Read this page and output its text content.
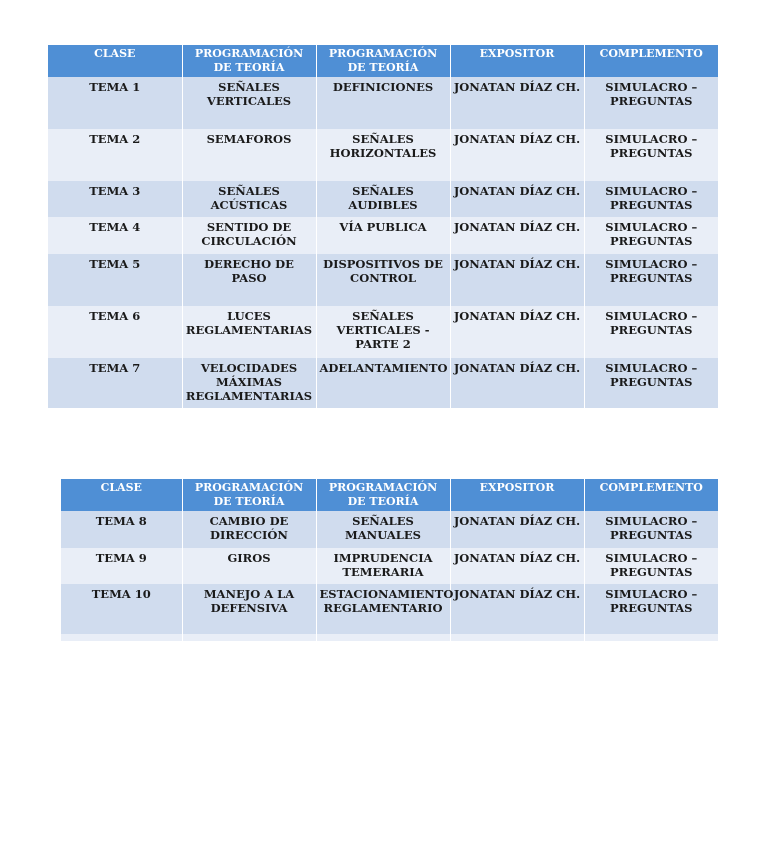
CLASE	PROGRAMACIÓN DE TEORÍA	PROGRAMACIÓN DE TEORÍA	EXPOSITOR	COMPLEMENTO
TEMA 1	SEÑALES VERTICALES	DEFINICIONES	JONATAN DÍAZ CH.	SIMULACRO – PREGUNTAS
TEMA 2	SEMAFOROS	SEÑALES HORIZONTALES	JONATAN DÍAZ CH.	SIMULACRO – PREGUNTAS
TEMA 3	SEÑALES ACÚSTICAS	SEÑALES AUDIBLES	JONATAN DÍAZ CH.	SIMULACRO – PREGUNTAS
TEMA 4	SENTIDO DE CIRCULACIÓN	VÍA PUBLICA	JONATAN DÍAZ CH.	SIMULACRO – PREGUNTAS
TEMA 5	DERECHO DE PASO	DISPOSITIVOS DE CONTROL	JONATAN DÍAZ CH.	SIMULACRO – PREGUNTAS
TEMA 6	LUCES REGLAMENTARIAS	SEÑALES VERTICALES -PARTE 2	JONATAN DÍAZ CH.	SIMULACRO – PREGUNTAS
TEMA 7	VELOCIDADES MÁXIMAS REGLAMENTARIAS	ADELANTAMIENTO	JONATAN DÍAZ CH.	SIMULACRO – PREGUNTAS
CLASE	PROGRAMACIÓN DE TEORÍA	PROGRAMACIÓN DE TEORÍA	EXPOSITOR	COMPLEMENTO
TEMA 8	CAMBIO DE DIRECCIÓN	SEÑALES MANUALES	JONATAN DÍAZ CH.	SIMULACRO – PREGUNTAS
TEMA 9	GIROS	IMPRUDENCIA TEMERARIA	JONATAN DÍAZ CH.	SIMULACRO – PREGUNTAS
TEMA 10	MANEJO A LA DEFENSIVA	ESTACIONAMIENTO REGLAMENTARIO	JONATAN DÍAZ CH.	SIMULACRO – PREGUNTAS
